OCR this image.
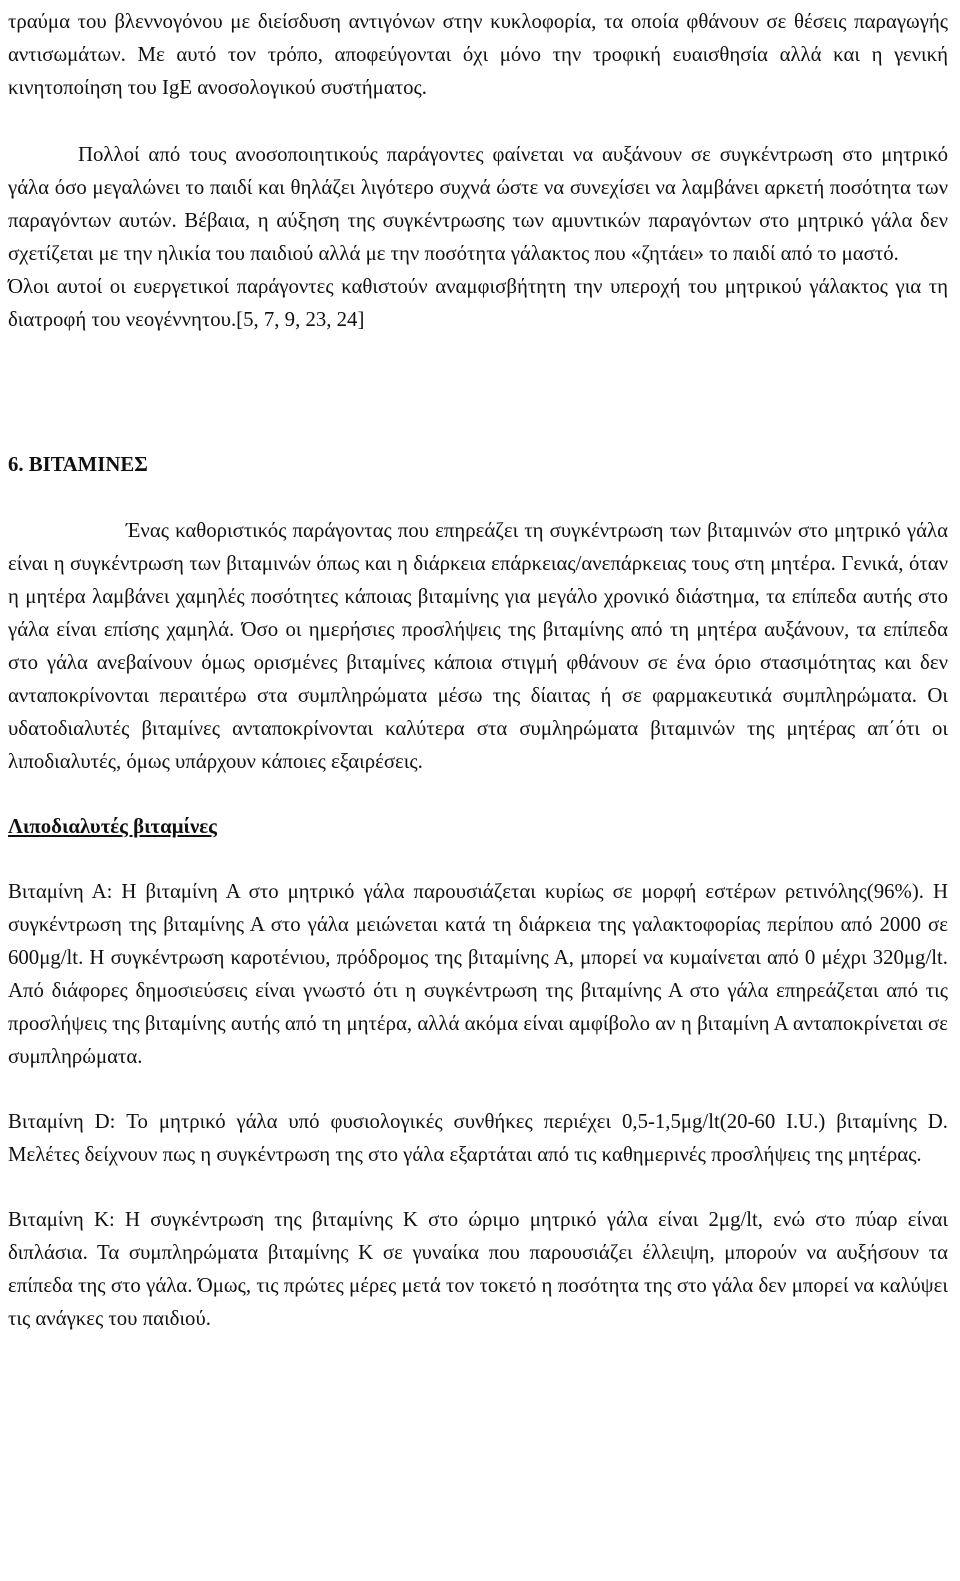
τραύμα του βλεννογόνου με διείσδυση αντιγόνων στην κυκλοφορία, τα οποία φθάνουν σε θέσεις παραγωγής αντισωμάτων. Με αυτό τον τρόπο, αποφεύγονται όχι μόνο την τροφική ευαισθησία αλλά και η γενική κινητοποίηση του IgE ανοσολογικού συστήματος.

Πολλοί από τους ανοσοποιητικούς παράγοντες φαίνεται να αυξάνουν σε συγκέντρωση στο μητρικό γάλα όσο μεγαλώνει το παιδί και θηλάζει λιγότερο συχνά ώστε να συνεχίσει να λαμβάνει αρκετή ποσότητα των παραγόντων αυτών. Βέβαια, η αύξηση της συγκέντρωσης των αμυντικών παραγόντων στο μητρικό γάλα δεν σχετίζεται με την ηλικία του παιδιού αλλά με την ποσότητα γάλακτος που «ζητάει» το παιδί από το μαστό.

Όλοι αυτοί οι ευεργετικοί παράγοντες καθιστούν αναμφισβήτητη την υπεροχή του μητρικού γάλακτος για τη διατροφή του νεογέννητου.[5, 7, 9, 23, 24]

6. ΒΙΤΑΜΙΝΕΣ

Ένας καθοριστικός παράγοντας που επηρεάζει τη συγκέντρωση των βιταμινών στο μητρικό γάλα είναι η συγκέντρωση των βιταμινών όπως και η διάρκεια επάρκειας/ανεπάρκειας τους στη μητέρα. Γενικά, όταν η μητέρα λαμβάνει χαμηλές ποσότητες κάποιας βιταμίνης για μεγάλο χρονικό διάστημα, τα επίπεδα αυτής στο γάλα είναι επίσης χαμηλά. Όσο οι ημερήσιες προσλήψεις της βιταμίνης από τη μητέρα αυξάνουν, τα επίπεδα στο γάλα ανεβαίνουν όμως ορισμένες βιταμίνες κάποια στιγμή φθάνουν σε ένα όριο στασιμότητας και δεν ανταποκρίνονται περαιτέρω στα συμπληρώματα μέσω της δίαιτας ή σε φαρμακευτικά συμπληρώματα. Οι υδατοδιαλυτές βιταμίνες ανταποκρίνονται καλύτερα στα συμληρώματα βιταμινών της μητέρας απ΄ότι οι λιποδιαλυτές, όμως υπάρχουν κάποιες εξαιρέσεις.

Λιποδιαλυτές βιταμίνες

Βιταμίνη Α: Η βιταμίνη Α στο μητρικό γάλα παρουσιάζεται κυρίως σε μορφή εστέρων ρετινόλης(96%). Η συγκέντρωση της βιταμίνης Α στο γάλα μειώνεται κατά τη διάρκεια της γαλακτοφορίας περίπου από 2000 σε 600μg/lt. Η συγκέντρωση καροτένιου, πρόδρομος της βιταμίνης Α, μπορεί να κυμαίνεται από 0 μέχρι 320μg/lt. Από διάφορες δημοσιεύσεις είναι γνωστό ότι η συγκέντρωση της βιταμίνης Α στο γάλα επηρεάζεται από τις προσλήψεις της βιταμίνης αυτής από τη μητέρα, αλλά ακόμα είναι αμφίβολο αν η βιταμίνη Α ανταποκρίνεται σε συμπληρώματα.

Βιταμίνη D: Το μητρικό γάλα υπό φυσιολογικές συνθήκες περιέχει 0,5-1,5μg/lt(20-60 I.U.) βιταμίνης D. Μελέτες δείχνουν πως η συγκέντρωση της στο γάλα εξαρτάται από τις καθημερινές προσλήψεις της μητέρας.

Βιταμίνη Κ: Η συγκέντρωση της βιταμίνης Κ στο ώριμο μητρικό γάλα είναι 2μg/lt, ενώ στο πύαρ είναι διπλάσια. Τα συμπληρώματα βιταμίνης Κ σε γυναίκα που παρουσιάζει έλλειψη, μπορούν να αυξήσουν τα επίπεδα της στο γάλα. Όμως, τις πρώτες μέρες μετά τον τοκετό η ποσότητα της στο γάλα δεν μπορεί να καλύψει τις ανάγκες του παιδιού.
